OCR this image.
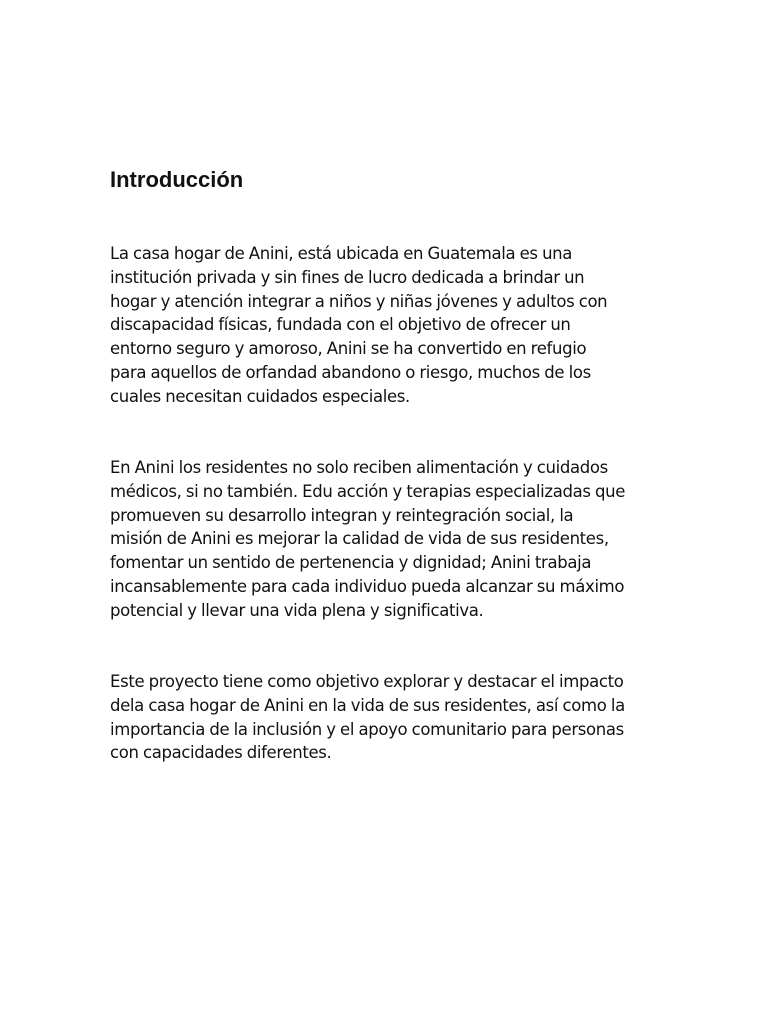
Introducción

La casa hogar de Anini, está ubicada en Guatemala es una
institución privada y sin fines de lucro dedicada a brindar un
hogar y atención integrar a niños y niñas jóvenes y adultos con
discapacidad físicas, fundada con el objetivo de ofrecer un
entorno seguro y amoroso, Anini se ha convertido en refugio
para aquellos de orfandad abandono o riesgo, muchos de los
cuales necesitan cuidados especiales.

En Anini los residentes no solo reciben alimentación y cuidados
médicos, si no también. Edu acción y terapias especializadas que
promueven su desarrollo integran y reintegración social, la
misión de Anini es mejorar la calidad de vida de sus residentes,
fomentar un sentido de pertenencia y dignidad; Anini trabaja
incansablemente para cada individuo pueda alcanzar su máximo
potencial y llevar una vida plena y significativa.

Este proyecto tiene como objetivo explorar y destacar el impacto
dela casa hogar de Anini en la vida de sus residentes, así como la
importancia de la inclusión y el apoyo comunitario para personas
con capacidades diferentes.
